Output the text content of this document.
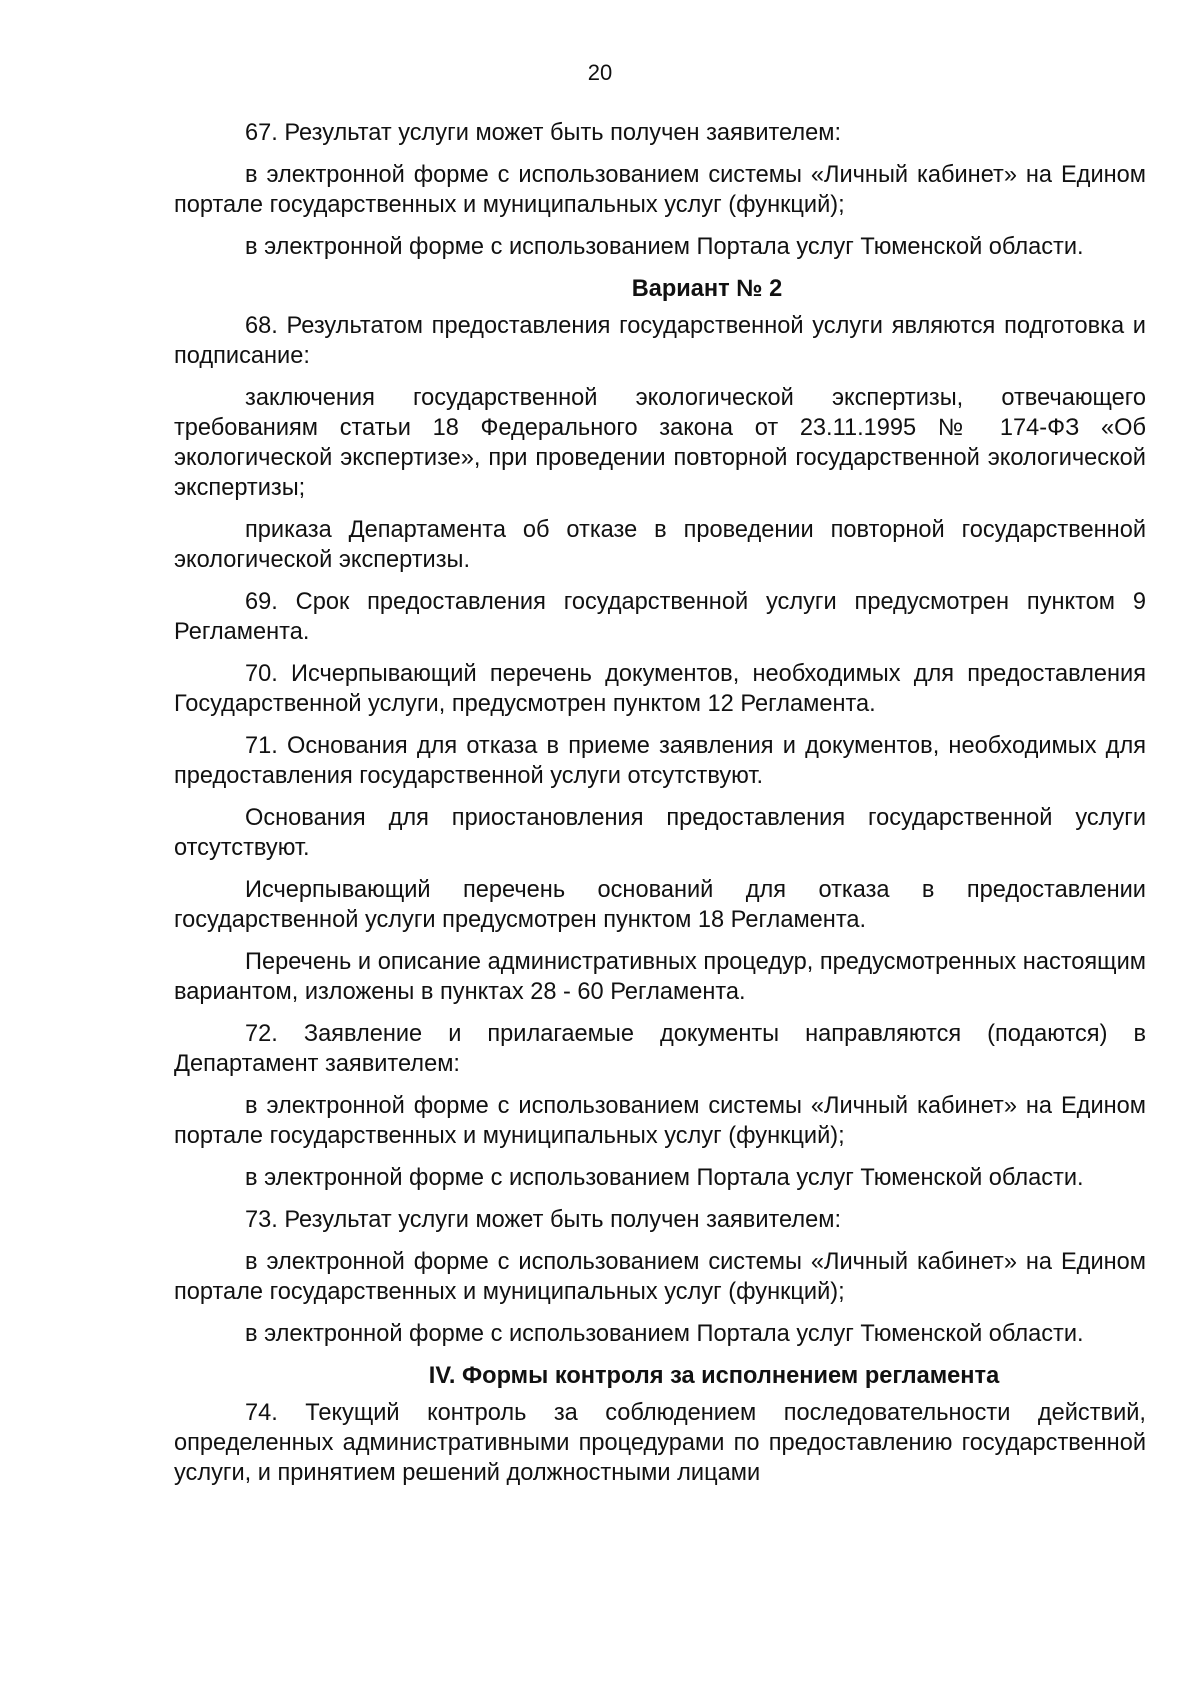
20

67. Результат услуги может быть получен заявителем:

в электронной форме с использованием системы «Личный кабинет» на Едином портале государственных и муниципальных услуг (функций);

в электронной форме с использованием Портала услуг Тюменской области.

Вариант № 2

68. Результатом предоставления государственной услуги являются подготовка и подписание:

заключения государственной экологической экспертизы, отвечающего требованиям статьи 18 Федерального закона от 23.11.1995 № 174-ФЗ «Об экологической экспертизе», при проведении повторной государственной экологической экспертизы;

приказа Департамента об отказе в проведении повторной государственной экологической экспертизы.

69. Срок предоставления государственной услуги предусмотрен пунктом 9 Регламента.

70. Исчерпывающий перечень документов, необходимых для предоставления Государственной услуги, предусмотрен пунктом 12 Регламента.

71. Основания для отказа в приеме заявления и документов, необходимых для предоставления государственной услуги отсутствуют.

Основания для приостановления предоставления государственной услуги отсутствуют.

Исчерпывающий перечень оснований для отказа в предоставлении государственной услуги предусмотрен пунктом 18 Регламента.

Перечень и описание административных процедур, предусмотренных настоящим вариантом, изложены в пунктах 28 - 60 Регламента.

72. Заявление и прилагаемые документы направляются (подаются) в Департамент заявителем:

в электронной форме с использованием системы «Личный кабинет» на Едином портале государственных и муниципальных услуг (функций);

в электронной форме с использованием Портала услуг Тюменской области.

73. Результат услуги может быть получен заявителем:

в электронной форме с использованием системы «Личный кабинет» на Едином портале государственных и муниципальных услуг (функций);

в электронной форме с использованием Портала услуг Тюменской области.

IV. Формы контроля за исполнением регламента

74. Текущий контроль за соблюдением последовательности действий, определенных административными процедурами по предоставлению государственной услуги, и принятием решений должностными лицами
